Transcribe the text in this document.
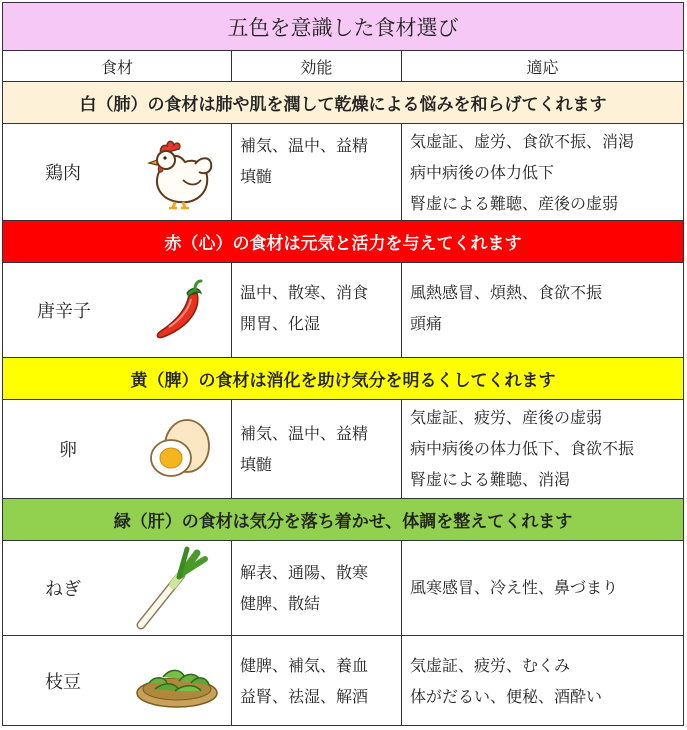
五色を意識した食材選び
食材	効能	適応
白（肺）の食材は肺や肌を潤して乾燥による悩みを和らげてくれます
鶏肉
補気、温中、益精
填髄
気虚証、虚労、食欲不振、消渇
病中病後の体力低下
腎虚による難聴、産後の虚弱
赤（心）の食材は元気と活力を与えてくれます
唐辛子
温中、散寒、消食
開胃、化湿
風熱感冒、煩熱、食欲不振
頭痛
黄（脾）の食材は消化を助け気分を明るくしてくれます
卵
補気、温中、益精
填髄
気虚証、疲労、産後の虚弱
病中病後の体力低下、食欲不振
腎虚による難聴、消渇
緑（肝）の食材は気分を落ち着かせ、体調を整えてくれます
ねぎ
解表、通陽、散寒
健脾、散結
風寒感冒、冷え性、鼻づまり
枝豆
健脾、補気、養血
益腎、祛湿、解酒
気虚証、疲労、むくみ
体がだるい、便秘、酒酔い
